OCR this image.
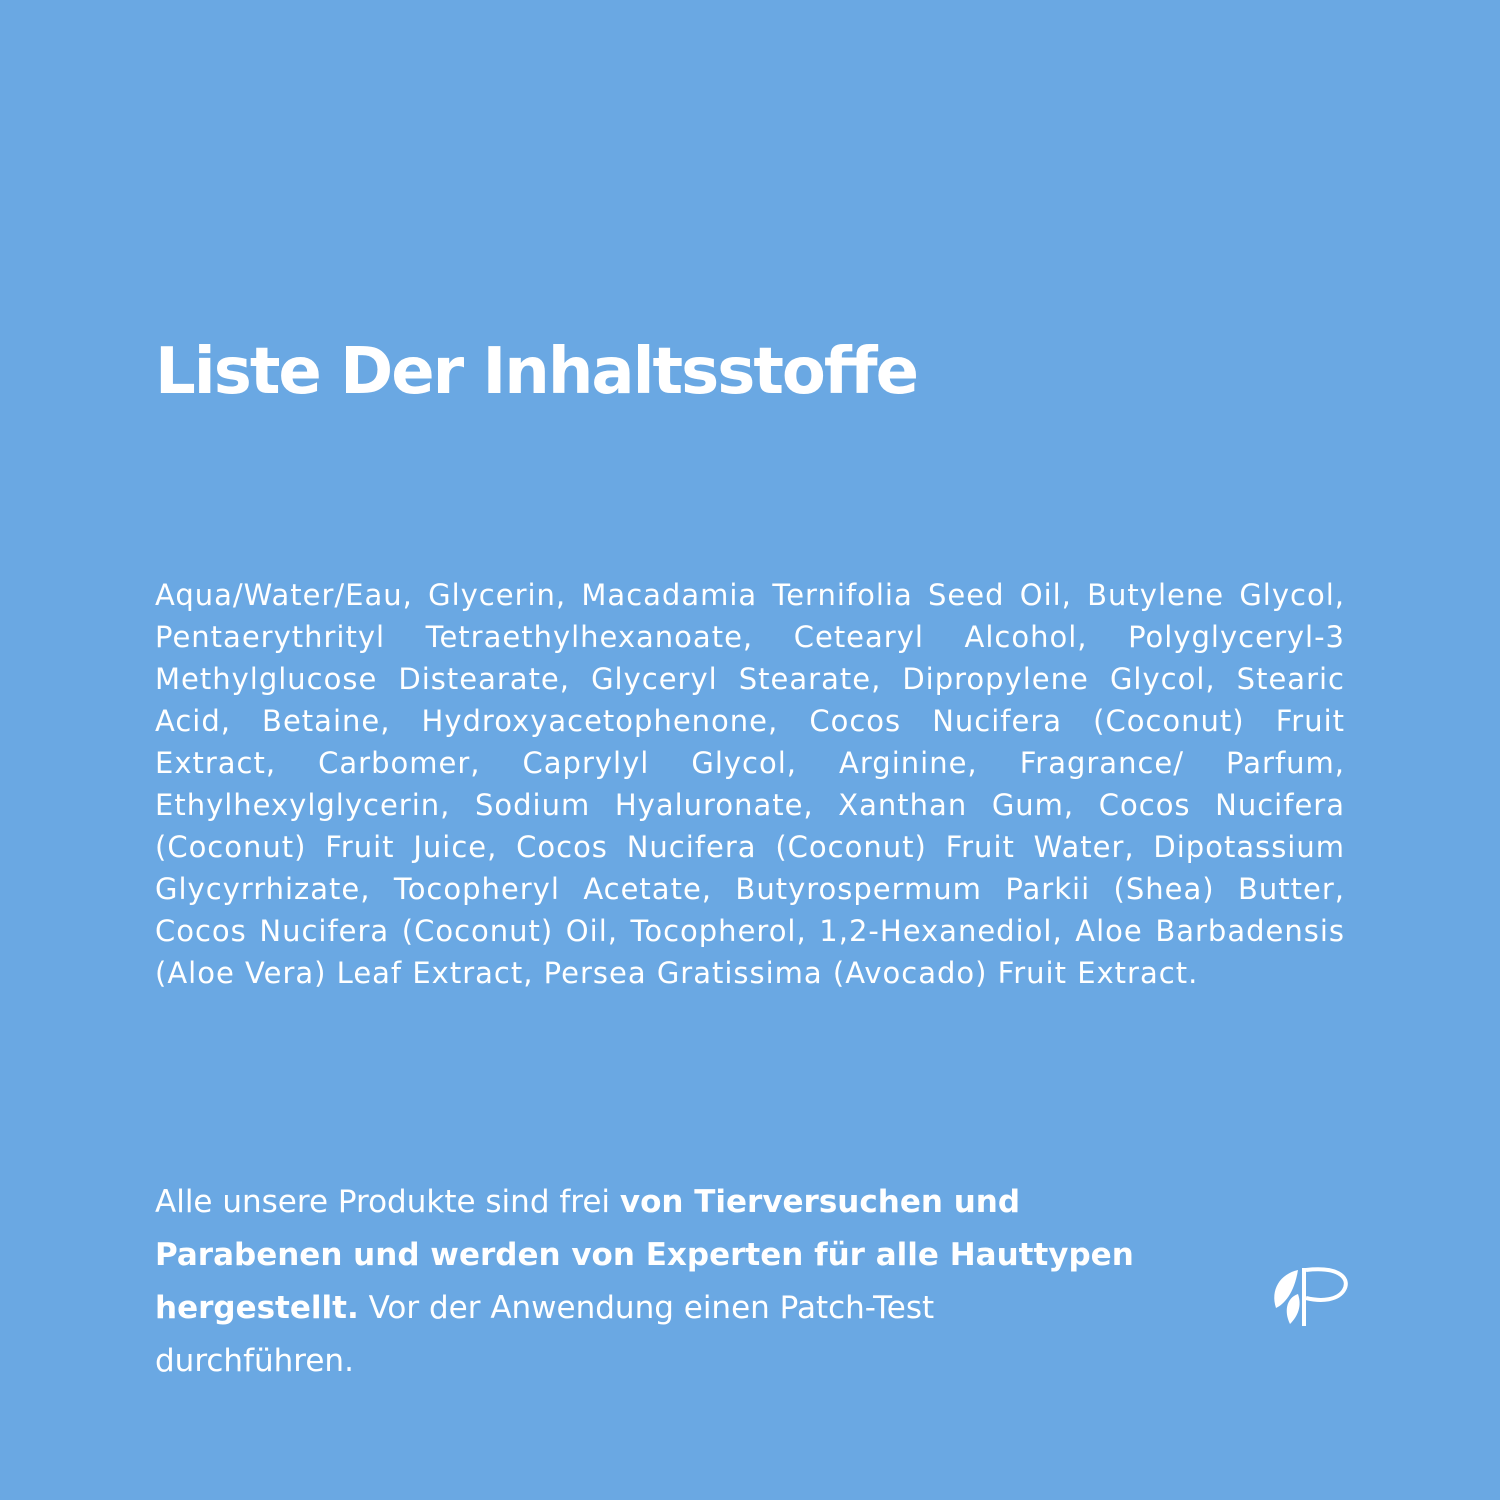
Liste Der Inhaltsstoffe

Aqua/Water/Eau, Glycerin, Macadamia Ternifolia Seed Oil, Butylene Glycol, Pentaerythrityl Tetraethylhexanoate, Cetearyl Alcohol, Polyglyceryl-3 Methylglucose Distearate, Glyceryl Stearate, Dipropylene Glycol, Stearic Acid, Betaine, Hydroxyacetophenone, Cocos Nucifera (Coconut) Fruit Extract, Carbomer, Caprylyl Glycol, Arginine, Fragrance/ Parfum, Ethylhexylglycerin, Sodium Hyaluronate, Xanthan Gum, Cocos Nucifera (Coconut) Fruit Juice, Cocos Nucifera (Coconut) Fruit Water, Dipotassium Glycyrrhizate, Tocopheryl Acetate, Butyrospermum Parkii (Shea) Butter, Cocos Nucifera (Coconut) Oil, Tocopherol, 1,2-Hexanediol, Aloe Barbadensis (Aloe Vera) Leaf Extract, Persea Gratissima (Avocado) Fruit Extract.

Alle unsere Produkte sind frei von Tierversuchen und Parabenen und werden von Experten für alle Hauttypen hergestellt. Vor der Anwendung einen Patch-Test durchführen.
